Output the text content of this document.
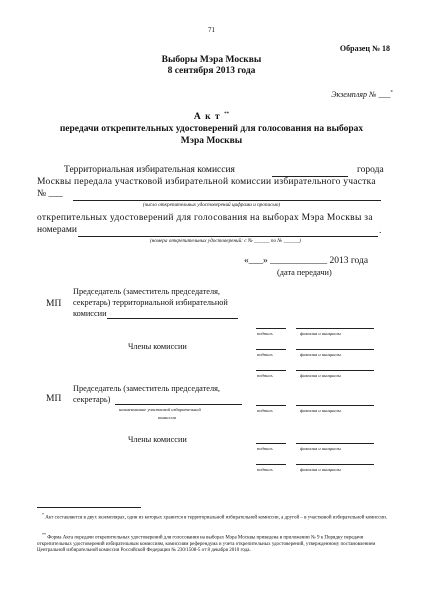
71
Образец № 18
Выборы Мэра Москвы
8 сентября 2013 года
Экземпляр № ___*
А к т **
передачи открепительных удостоверений для голосования на выборах
Мэра Москвы
Территориальная избирательная комиссия	города
Москвы передала участковой избирательной комиссии избирательного участка
№ ___
(число открепительных удостоверений цифрами и прописью)
открепительных удостоверений для голосования на выборах Мэра Москвы за
номерами	.
(номера открепительных удостоверений: с № ______ по № ______)
«___» ____________ 2013 года
(дата передачи)
МП
Председатель (заместитель председателя,
секретарь) территориальной избирательной
комиссии
подпись	фамилия и инициалы
Члены комиссии
подпись	фамилия и инициалы
подпись	фамилия и инициалы
МП
Председатель (заместитель председателя,
секретарь)
наименование участковой избирательной
комиссии
подпись	фамилия и инициалы
Члены комиссии
подпись	фамилия и инициалы
подпись	фамилия и инициалы
* Акт составляется в двух экземплярах, один из которых хранится в территориальной избирательной комиссии, а другой – в участковой избирательной комиссии.
** Форма Акта передачи открепительных удостоверений для голосования на выборах Мэра Москвы приведена в приложении № 9 к Порядку передачи открепительных удостоверений избирательным комиссиям, комиссиям референдума и учета открепительных удостоверений, утвержденному постановлением Центральной избирательной комиссии Российской Федерации № 230/1508-5 от 8 декабря 2010 года.
